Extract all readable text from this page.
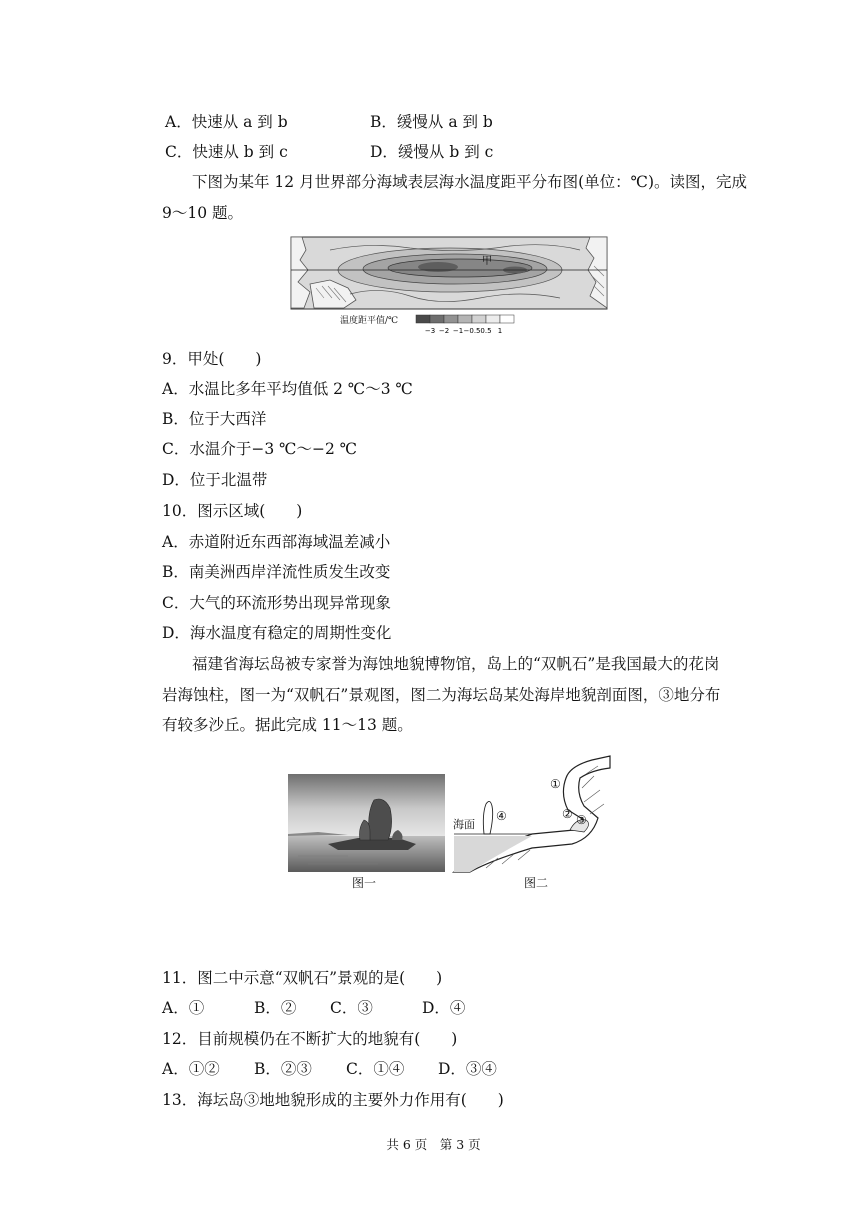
A．快速从 a 到 b	B．缓慢从 a 到 b
C．快速从 b 到 c	D．缓慢从 b 到 c
下图为某年 12 月世界部分海域表层海水温度距平分布图(单位：℃)。读图，完成
9～10 题。
甲
温度距平值/℃
−3 −2 −1 −0.5 0.5 1
9．甲处(　　)
A．水温比多年平均值低 2 ℃～3 ℃
B．位于大西洋
C．水温介于−3 ℃～−2 ℃
D．位于北温带
10．图示区域(　　)
A．赤道附近东西部海域温差减小
B．南美洲西岸洋流性质发生改变
C．大气的环流形势出现异常现象
D．海水温度有稳定的周期性变化
福建省海坛岛被专家誉为海蚀地貌博物馆，岛上的“双帆石”是我国最大的花岗
岩海蚀柱，图一为“双帆石”景观图，图二为海坛岛某处海岸地貌剖面图，③地分布
有较多沙丘。据此完成 11～13 题。
图一
海面
①
② ③
④
图二
11．图二中示意“双帆石”景观的是(　　)
A．①	B．② C．③	D．④
12．目前规模仍在不断扩大的地貌有(　　)
A．①② B．②③ C．①④ D．③④
13．海坛岛③地地貌形成的主要外力作用有(　　)
共 6 页　第 3 页
